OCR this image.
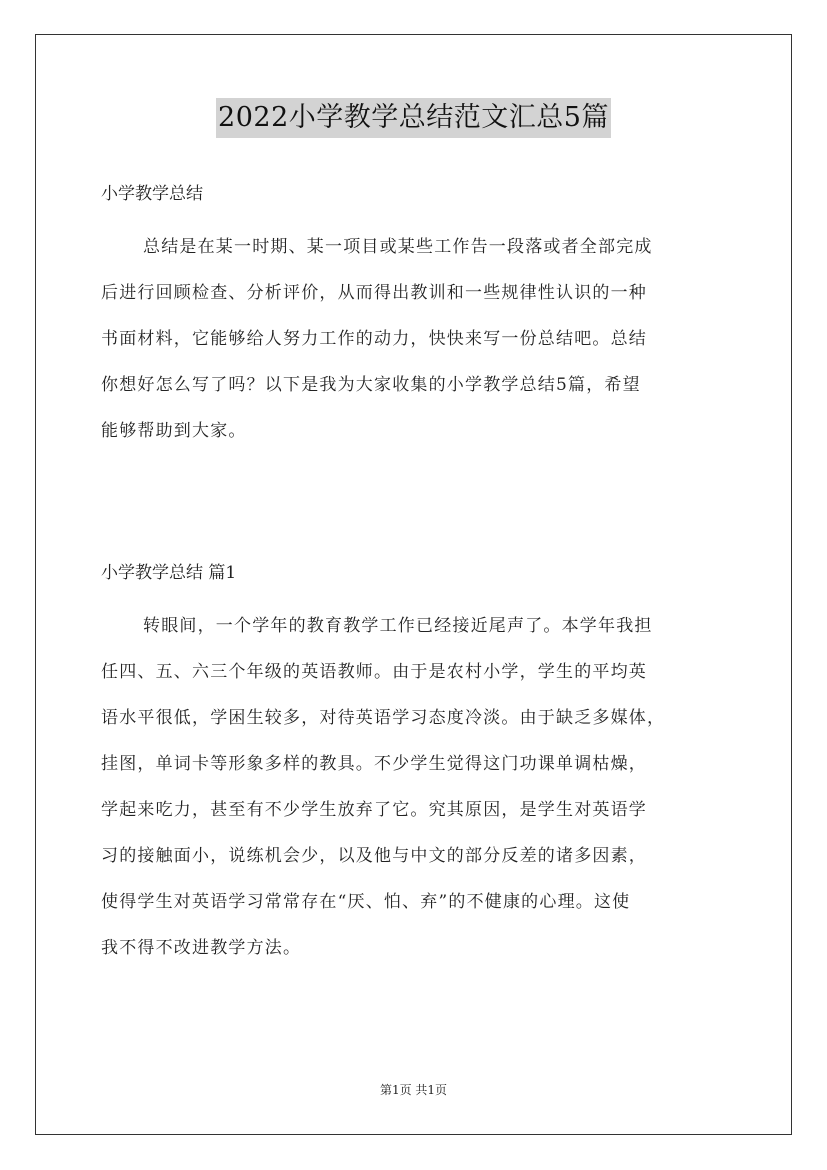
2022小学教学总结范文汇总5篇
小学教学总结
总结是在某一时期、某一项目或某些工作告一段落或者全部完成
后进行回顾检查、分析评价，从而得出教训和一些规律性认识的一种
书面材料，它能够给人努力工作的动力，快快来写一份总结吧。总结
你想好怎么写了吗？以下是我为大家收集的小学教学总结5篇，希望
能够帮助到大家。
小学教学总结 篇1
转眼间，一个学年的教育教学工作已经接近尾声了。本学年我担
任四、五、六三个年级的英语教师。由于是农村小学，学生的平均英
语水平很低，学困生较多，对待英语学习态度冷淡。由于缺乏多媒体，
挂图，单词卡等形象多样的教具。不少学生觉得这门功课单调枯燥，
学起来吃力，甚至有不少学生放弃了它。究其原因，是学生对英语学
习的接触面小，说练机会少，以及他与中文的部分反差的诸多因素，
使得学生对英语学习常常存在“厌、怕、弃”的不健康的心理。这使
我不得不改进教学方法。
第1页 共1页
